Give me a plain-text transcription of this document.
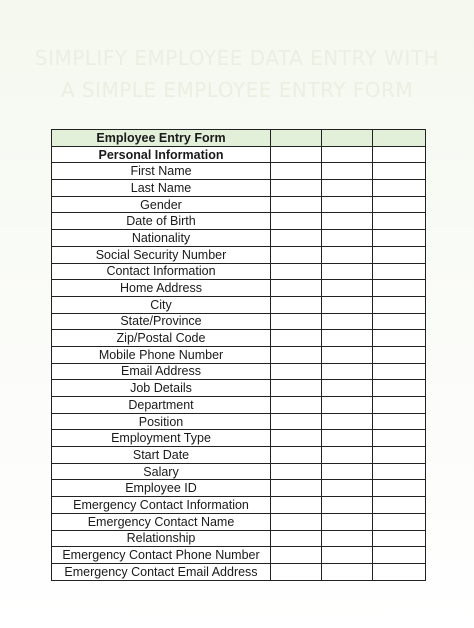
SIMPLIFY EMPLOYEE DATA ENTRY WITH
A SIMPLE EMPLOYEE ENTRY FORM
Employee Entry Form			
Personal Information			
First Name			
Last Name			
Gender			
Date of Birth			
Nationality			
Social Security Number			
Contact Information			
Home Address			
City			
State/Province			
Zip/Postal Code			
Mobile Phone Number			
Email Address			
Job Details			
Department			
Position			
Employment Type			
Start Date			
Salary			
Employee ID			
Emergency Contact Information			
Emergency Contact Name			
Relationship			
Emergency Contact Phone Number			
Emergency Contact Email Address			
